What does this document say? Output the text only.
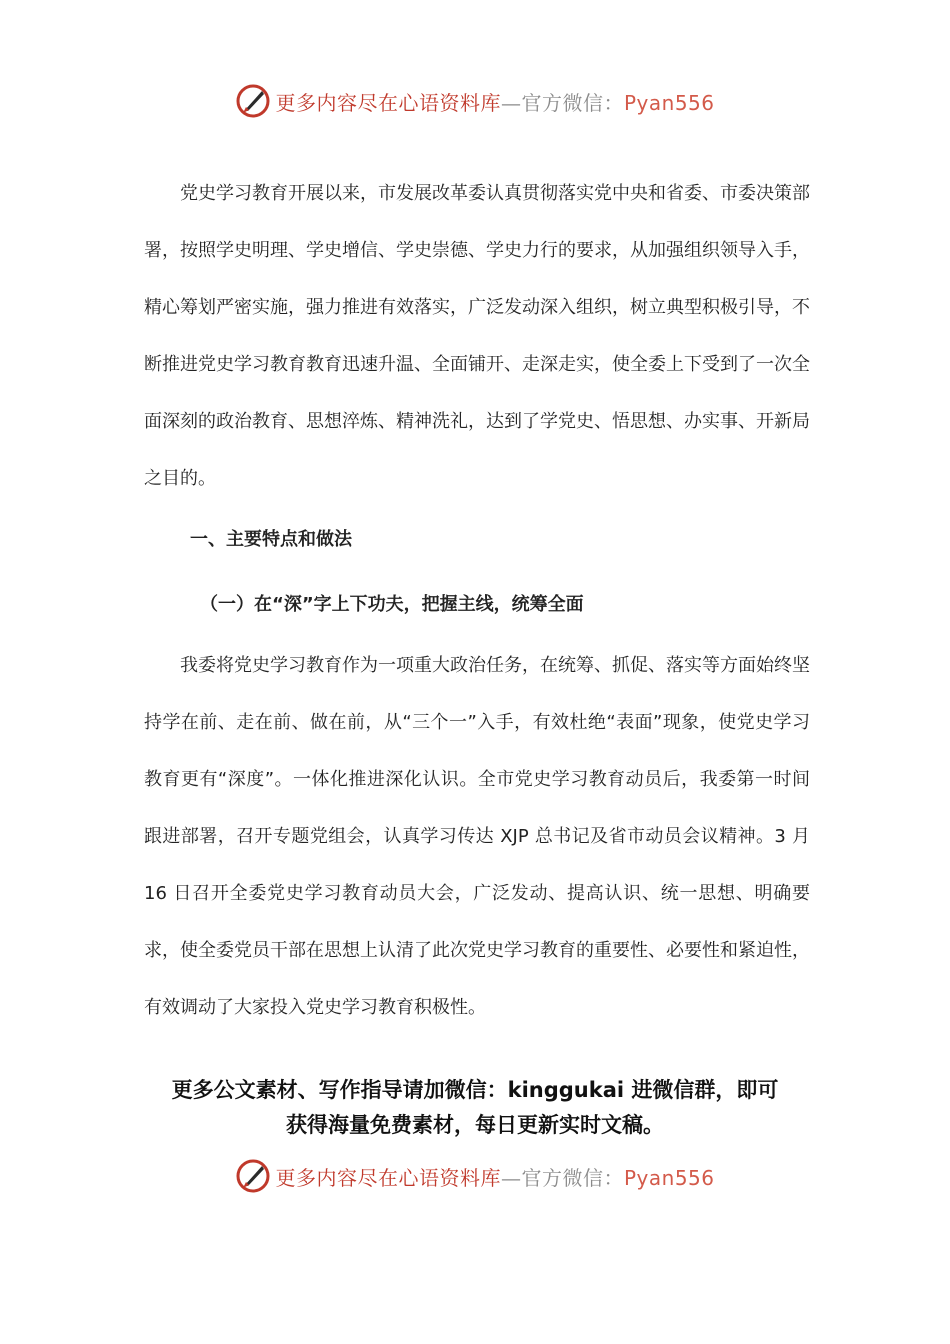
更多内容尽在心语资料库—官方微信：Pyan556

党史学习教育开展以来，市发展改革委认真贯彻落实党中央和省委、市委决策部署，按照学史明理、学史增信、学史崇德、学史力行的要求，从加强组织领导入手，精心筹划严密实施，强力推进有效落实，广泛发动深入组织，树立典型积极引导，不断推进党史学习教育教育迅速升温、全面铺开、走深走实，使全委上下受到了一次全面深刻的政治教育、思想淬炼、精神洗礼，达到了学党史、悟思想、办实事、开新局之目的。

一、主要特点和做法
（一）在“深”字上下功夫，把握主线，统筹全面

我委将党史学习教育作为一项重大政治任务，在统筹、抓促、落实等方面始终坚持学在前、走在前、做在前，从“三个一”入手，有效杜绝“表面”现象，使党史学习教育更有“深度”。一体化推进深化认识。全市党史学习教育动员后，我委第一时间跟进部署，召开专题党组会，认真学习传达 XJP 总书记及省市动员会议精神。3 月 16 日召开全委党史学习教育动员大会，广泛发动、提高认识、统一思想、明确要求，使全委党员干部在思想上认清了此次党史学习教育的重要性、必要性和紧迫性，有效调动了大家投入党史学习教育积极性。

更多公文素材、写作指导请加微信：kinggukai 进微信群，即可
获得海量免费素材，每日更新实时文稿。
更多内容尽在心语资料库—官方微信：Pyan556
